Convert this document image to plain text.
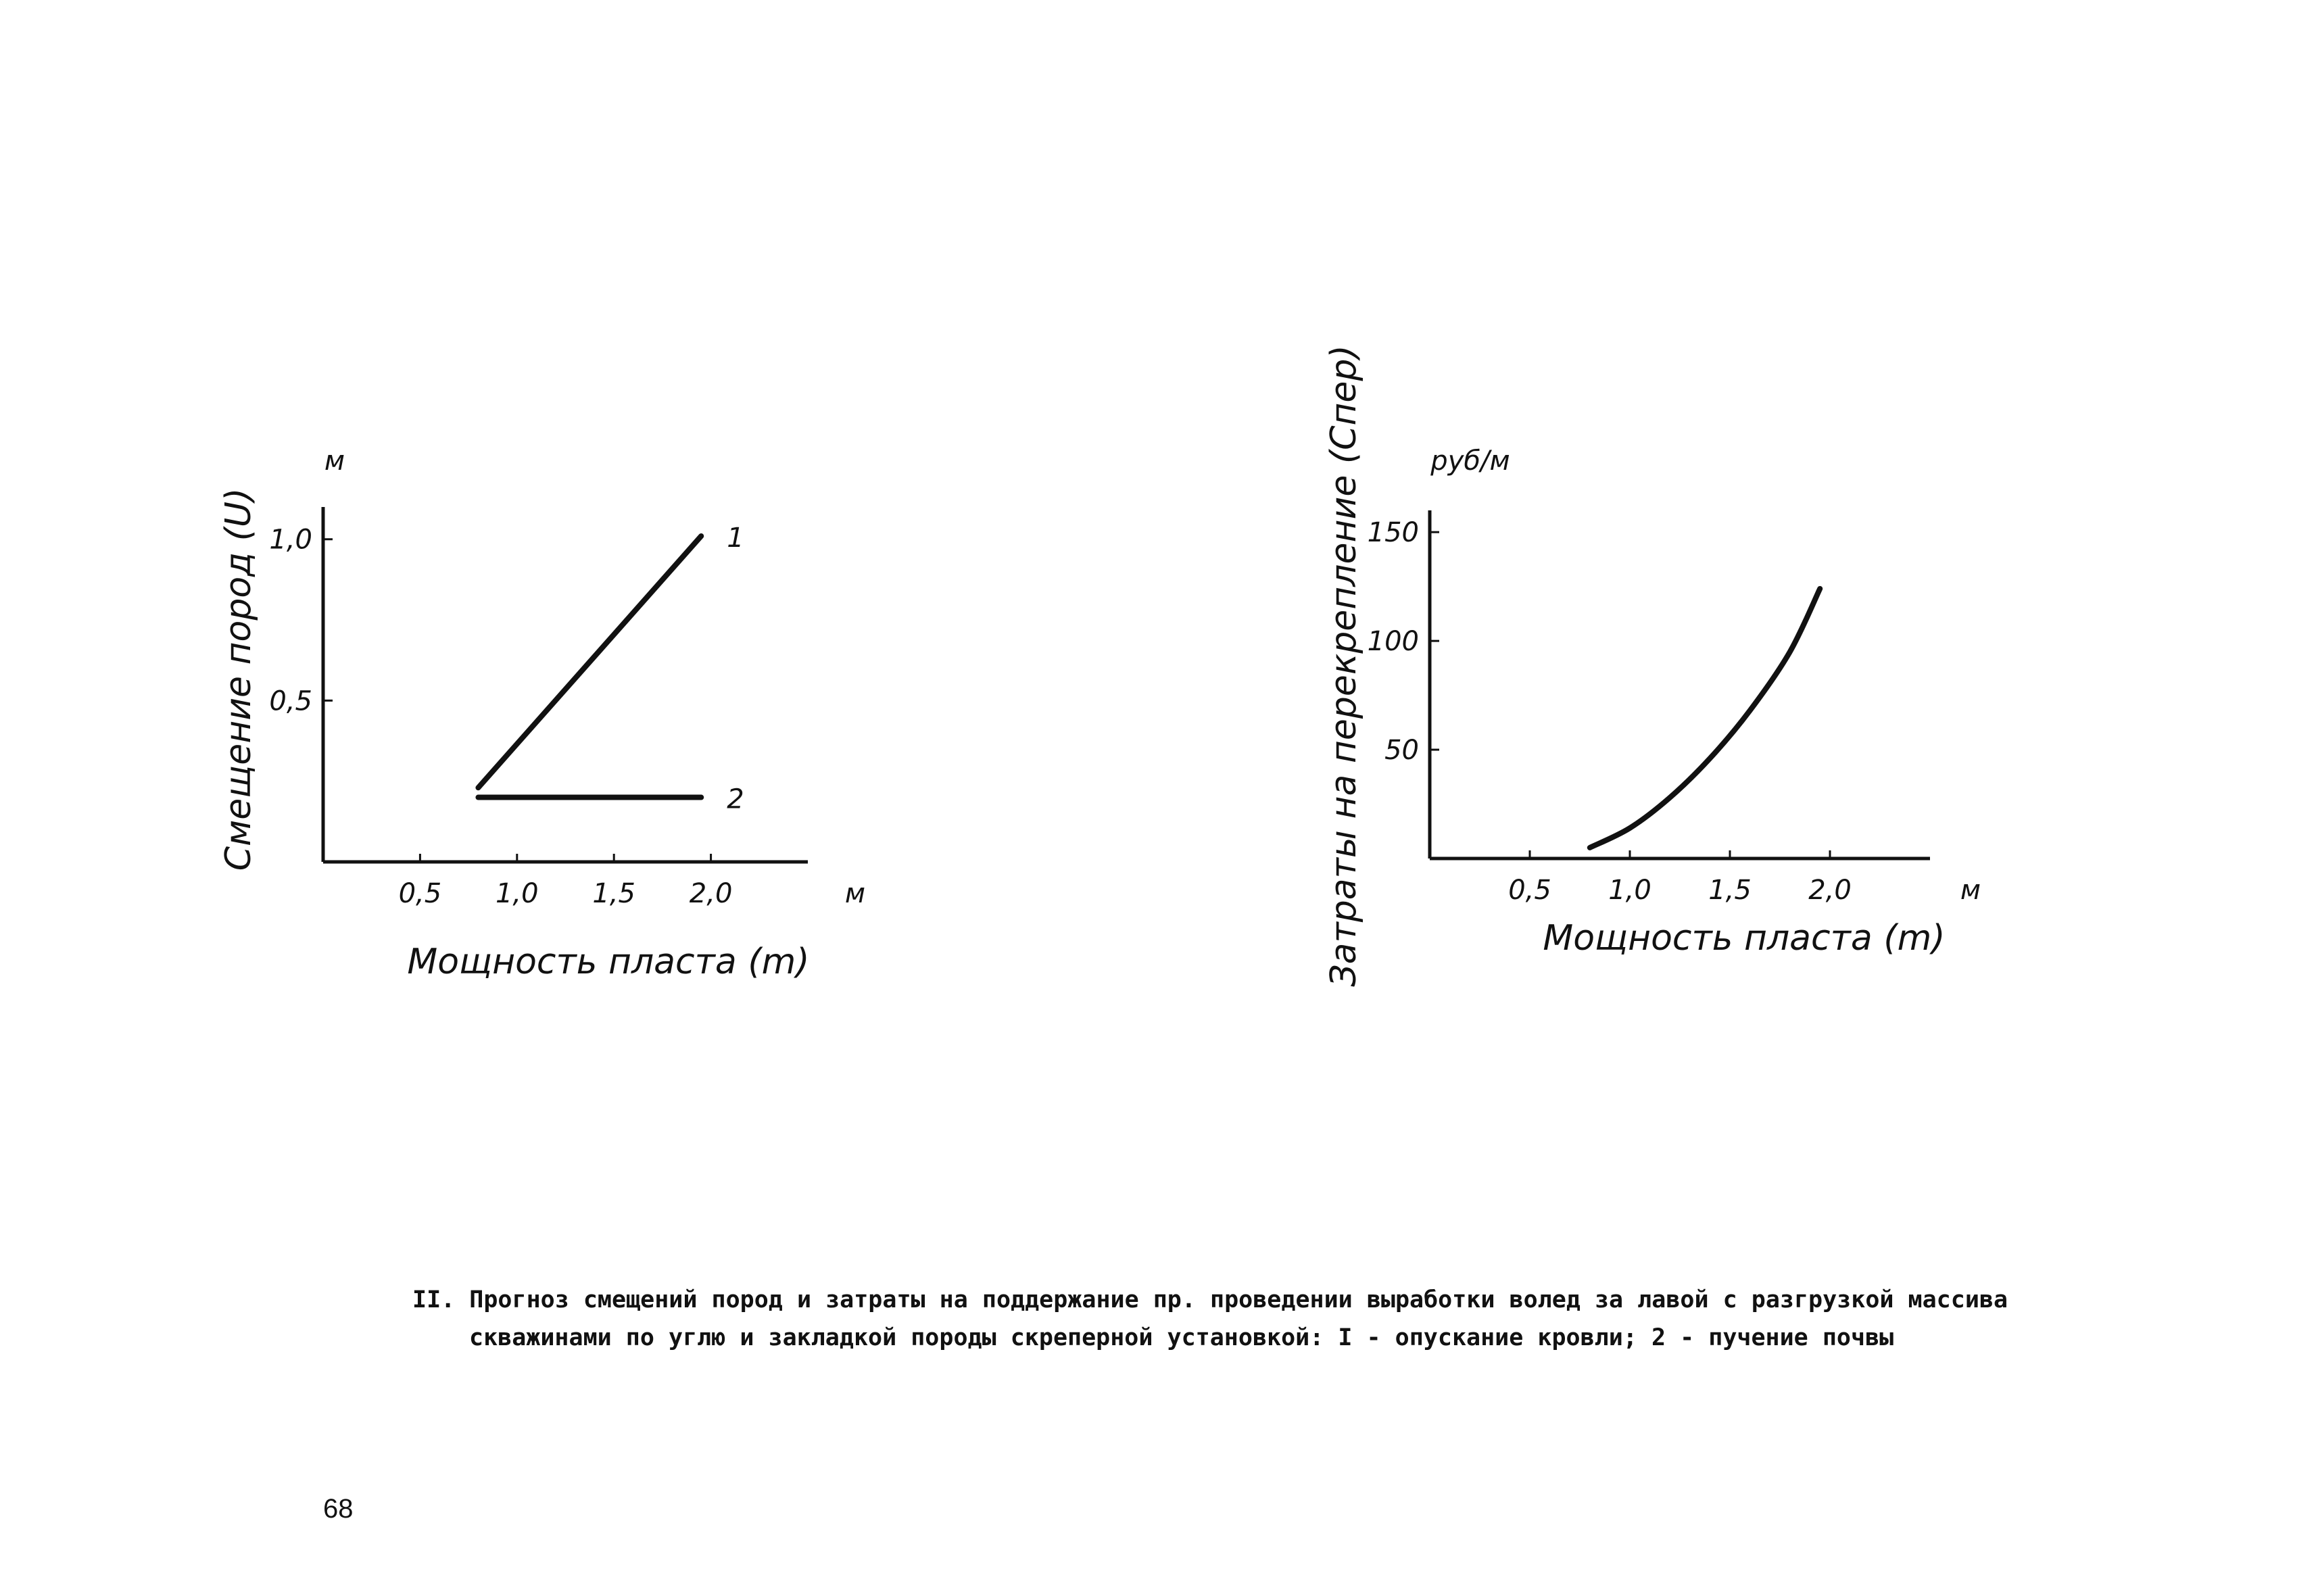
0,5 1,0 1,5 2,0
0,5
1,0
м
м
Мощность пласта (m)
Смещение пород (U)	1
2
0,5 1,0 1,5 2,0
50
100
150
м
руб/м
Мощность пласта (m)
Затраты на перекрепление (Cпер)
II. Прогноз смещений пород и затраты на поддержание пр. проведении выработки волед за лавой с разгрузкой массива
скважинами по углю и закладкой породы скреперной установкой: I - опускание кровли; 2 - пучение почвы
68
